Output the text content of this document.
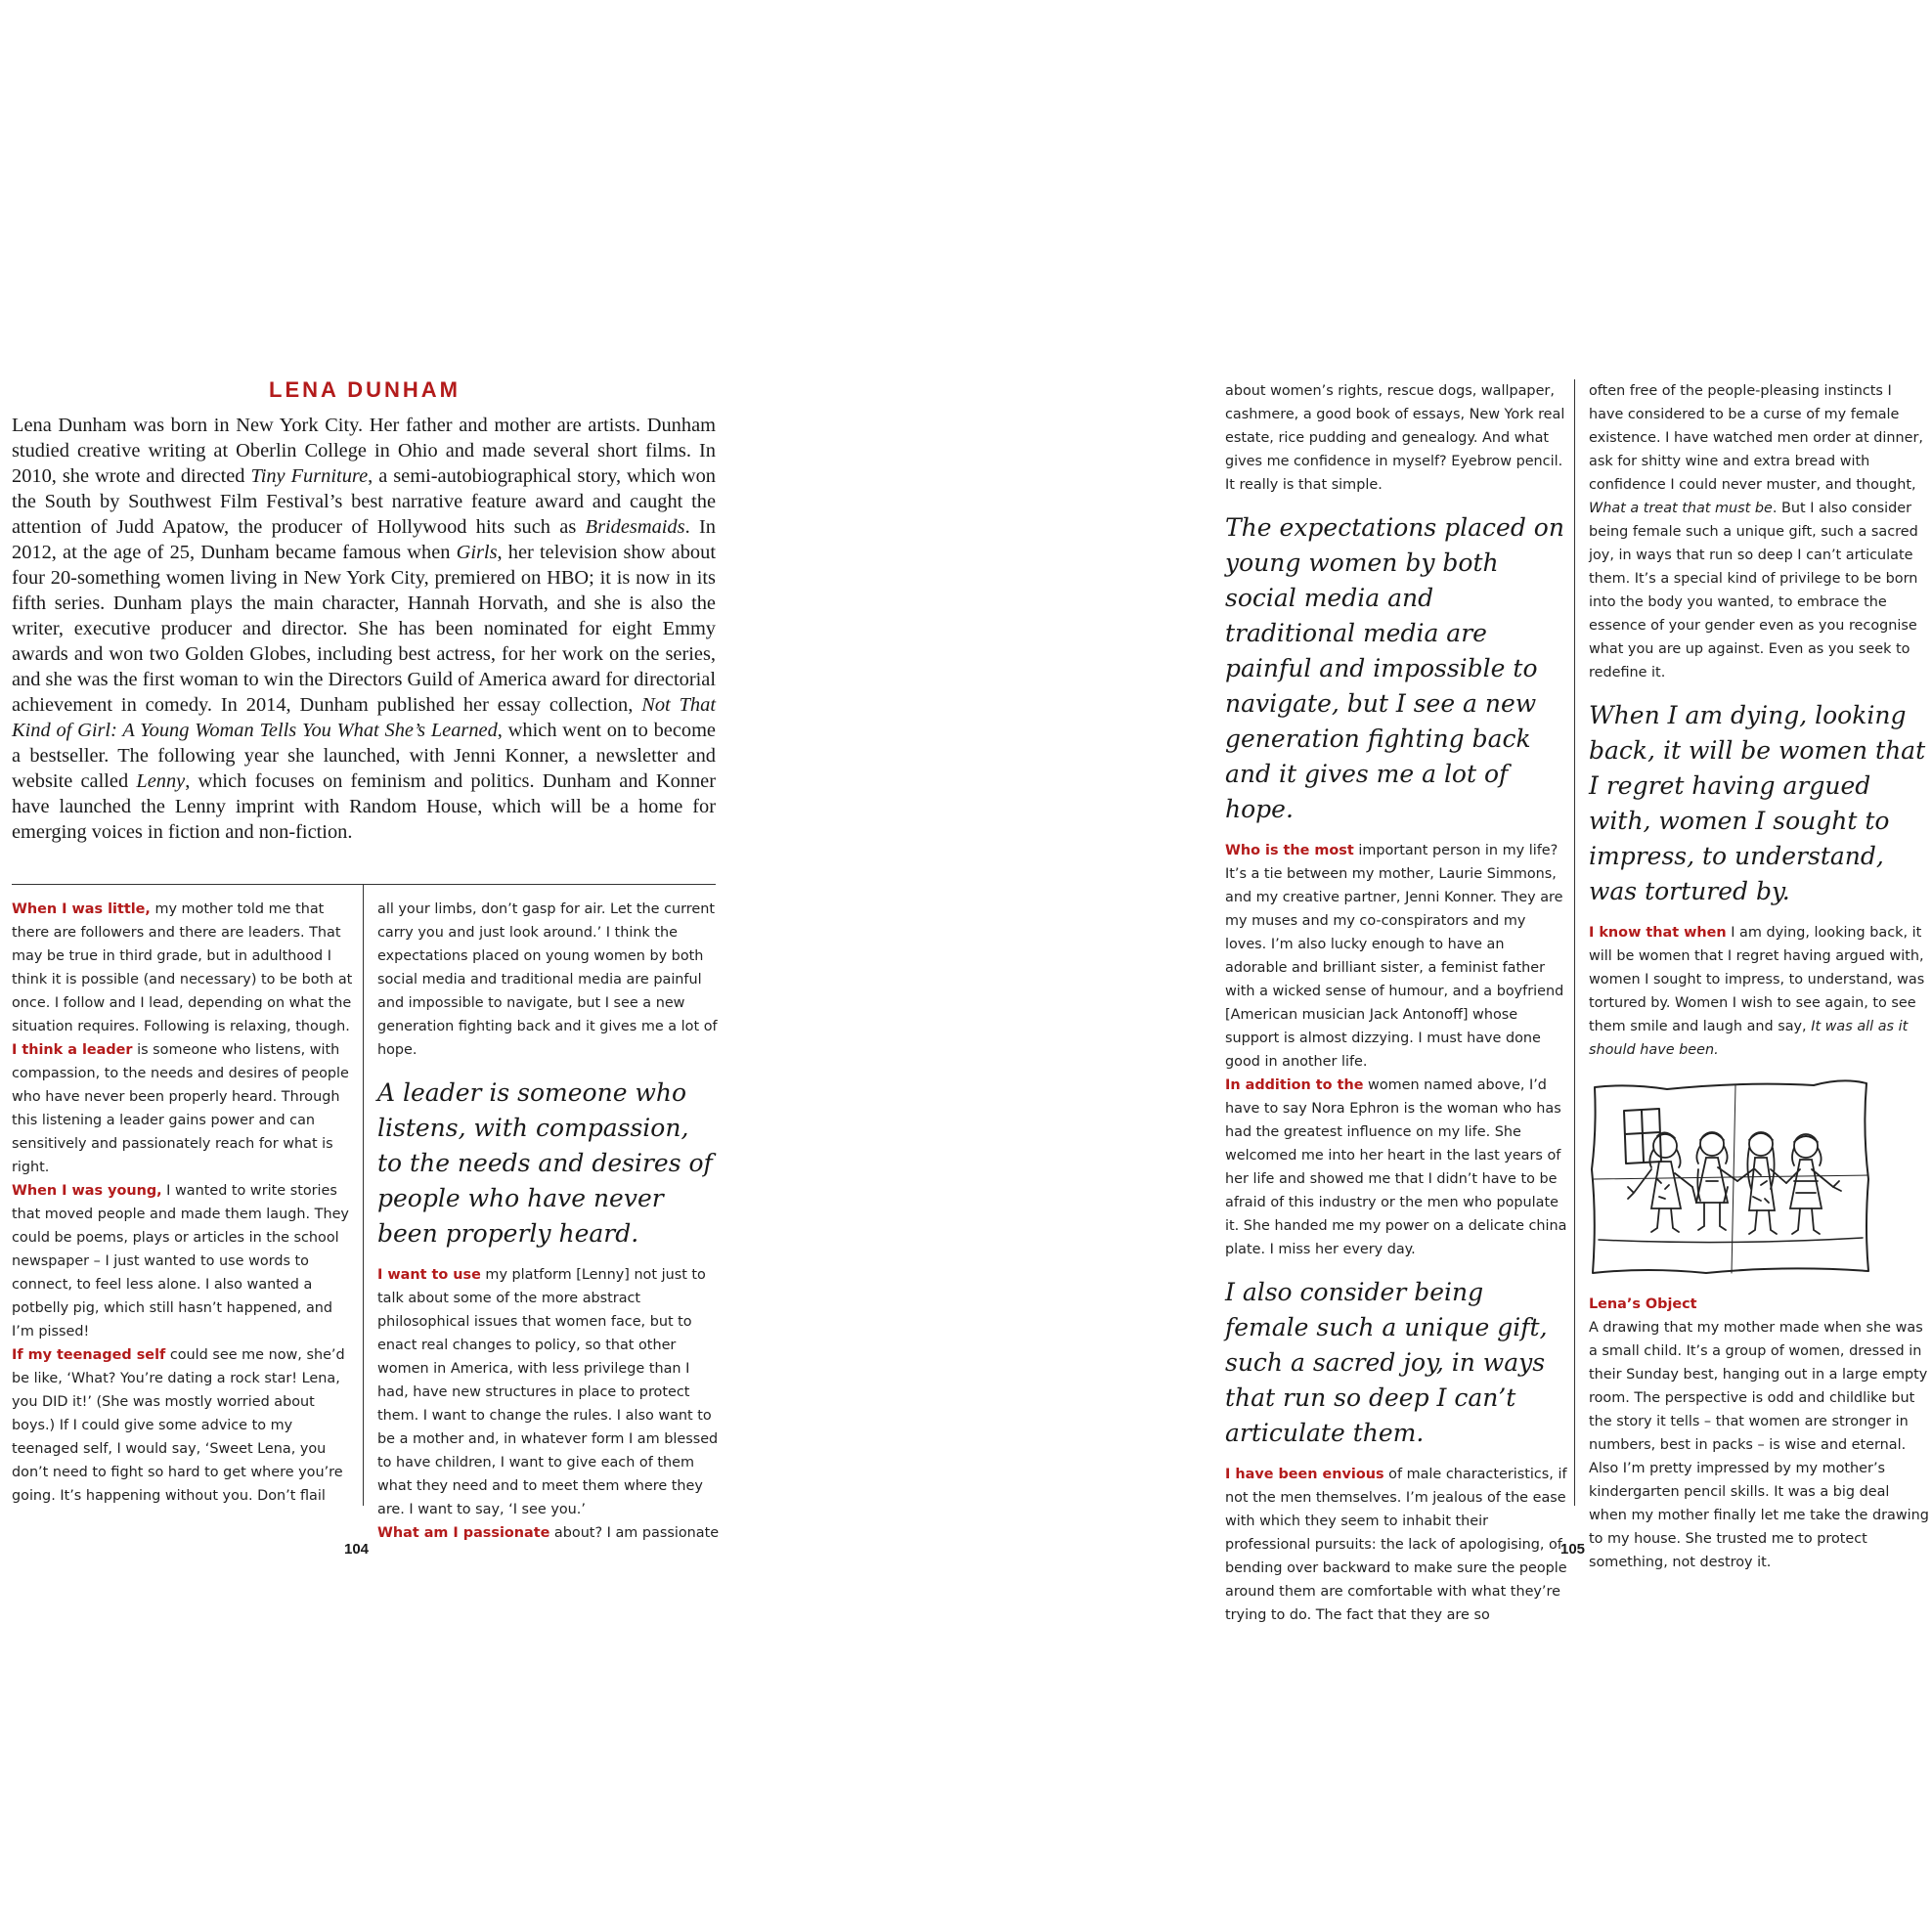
LENA DUNHAM

Lena Dunham was born in New York City. Her father and mother are artists. Dunham studied creative writing at Oberlin College in Ohio and made several short films. In 2010, she wrote and directed Tiny Furniture, a semi-autobiographical story, which won the South by Southwest Film Festival’s best narrative feature award and caught the attention of Judd Apatow, the producer of Hollywood hits such as Bridesmaids. In 2012, at the age of 25, Dunham became famous when Girls, her television show about four 20-something women living in New York City, premiered on HBO; it is now in its fifth series. Dunham plays the main character, Hannah Horvath, and she is also the writer, executive producer and director. She has been nominated for eight Emmy awards and won two Golden Globes, including best actress, for her work on the series, and she was the first woman to win the Directors Guild of America award for directorial achievement in comedy. In 2014, Dunham published her essay collection, Not That Kind of Girl: A Young Woman Tells You What She’s Learned, which went on to become a bestseller. The following year she launched, with Jenni Konner, a newsletter and website called Lenny, which focuses on feminism and politics. Dunham and Konner have launched the Lenny imprint with Random House, which will be a home for emerging voices in fiction and non-fiction.

When I was little, my mother told me that there are followers and there are leaders. That may be true in third grade, but in adulthood I think it is possible (and necessary) to be both at once. I follow and I lead, depending on what the situation requires. Following is relaxing, though.

I think a leader is someone who listens, with compassion, to the needs and desires of people who have never been properly heard. Through this listening a leader gains power and can sensitively and passionately reach for what is right.

When I was young, I wanted to write stories that moved people and made them laugh. They could be poems, plays or articles in the school newspaper – I just wanted to use words to connect, to feel less alone. I also wanted a potbelly pig, which still hasn’t happened, and I’m pissed!

If my teenaged self could see me now, she’d be like, ‘What? You’re dating a rock star! Lena, you DID it!’ (She was mostly worried about boys.) If I could give some advice to my teenaged self, I would say, ‘Sweet Lena, you don’t need to fight so hard to get where you’re going. It’s happening without you. Don’t flail

all your limbs, don’t gasp for air. Let the current carry you and just look around.’ I think the expectations placed on young women by both social media and traditional media are painful and impossible to navigate, but I see a new generation fighting back and it gives me a lot of hope.

A leader is someone who listens, with compassion, to the needs and desires of people who have never been properly heard.

I want to use my platform [Lenny] not just to talk about some of the more abstract philosophical issues that women face, but to enact real changes to policy, so that other women in America, with less privilege than I had, have new structures in place to protect them. I want to change the rules. I also want to be a mother and, in whatever form I am blessed to have children, I want to give each of them what they need and to meet them where they are. I want to say, ‘I see you.’

What am I passionate about? I am passionate

104

about women’s rights, rescue dogs, wallpaper, cashmere, a good book of essays, New York real estate, rice pudding and genealogy. And what gives me confidence in myself? Eyebrow pencil. It really is that simple.

The expectations placed on young women by both social media and traditional media are painful and impossible to navigate, but I see a new generation fighting back and it gives me a lot of hope.

Who is the most important person in my life? It’s a tie between my mother, Laurie Simmons, and my creative partner, Jenni Konner. They are my muses and my co-conspirators and my loves. I’m also lucky enough to have an adorable and brilliant sister, a feminist father with a wicked sense of humour, and a boyfriend [American musician Jack Antonoff] whose support is almost dizzying. I must have done good in another life.

In addition to the women named above, I’d have to say Nora Ephron is the woman who has had the greatest influence on my life. She welcomed me into her heart in the last years of her life and showed me that I didn’t have to be afraid of this industry or the men who populate it. She handed me my power on a delicate china plate. I miss her every day.

I also consider being female such a unique gift, such a sacred joy, in ways that run so deep I can’t articulate them.

I have been envious of male characteristics, if not the men themselves. I’m jealous of the ease with which they seem to inhabit their professional pursuits: the lack of apologising, of bending over backward to make sure the people around them are comfortable with what they’re trying to do. The fact that they are so

often free of the people-pleasing instincts I have considered to be a curse of my female existence. I have watched men order at dinner, ask for shitty wine and extra bread with confidence I could never muster, and thought, What a treat that must be. But I also consider being female such a unique gift, such a sacred joy, in ways that run so deep I can’t articulate them. It’s a special kind of privilege to be born into the body you wanted, to embrace the essence of your gender even as you recognise what you are up against. Even as you seek to redefine it.

When I am dying, looking back, it will be women that I regret having argued with, women I sought to impress, to understand, was tortured by.

I know that when I am dying, looking back, it will be women that I regret having argued with, women I sought to impress, to understand, was tortured by. Women I wish to see again, to see them smile and laugh and say, It was all as it should have been.

Lena’s Object

A drawing that my mother made when she was a small child. It’s a group of women, dressed in their Sunday best, hanging out in a large empty room. The perspective is odd and childlike but the story it tells – that women are stronger in numbers, best in packs – is wise and eternal. Also I’m pretty impressed by my mother’s kindergarten pencil skills. It was a big deal when my mother finally let me take the drawing to my house. She trusted me to protect something, not destroy it.

105
